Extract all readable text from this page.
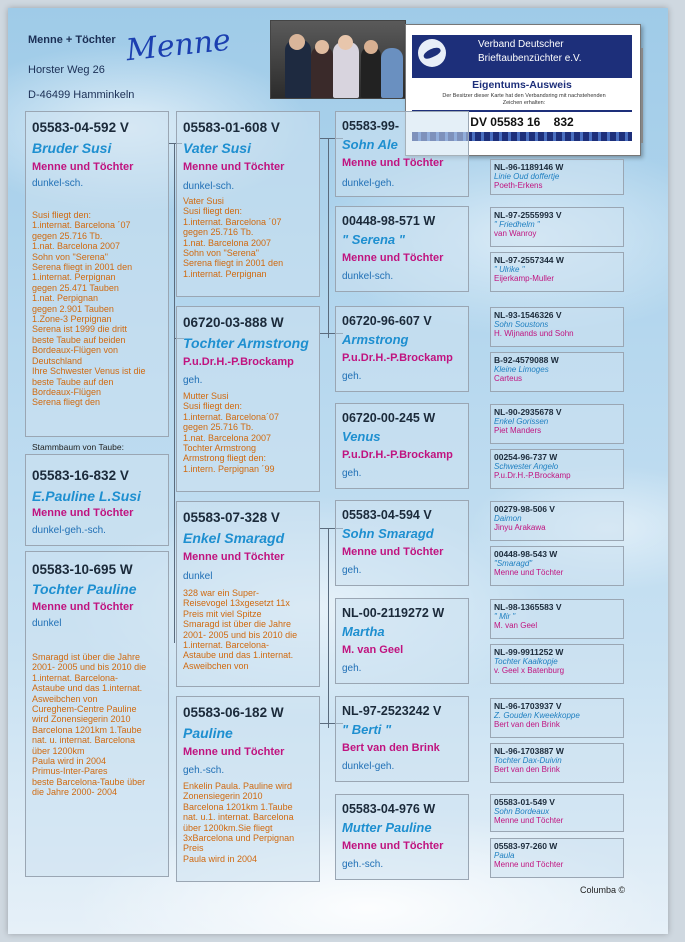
Menne + Töchter
Horster Weg 26
D-46499 Hamminkeln
Menne	Verband Deutscher
Brieftaubenzüchter e.V.
Eigentums-Ausweis
Der Besitzer dieser Karte hat den Verbandsring mit nachstehenden Zeichen erhalten:
DV 05583 16    832
05583-04-592 V
Bruder Susi
Menne und Töchter
dunkel-sch.
Susi fliegt den:
1.internat. Barcelona ´07
gegen 25.716 Tb.
1.nat. Barcelona 2007
Sohn von "Serena"
Serena fliegt in 2001 den
1.internat. Perpignan
gegen 25.471 Tauben
1.nat. Perpignan
gegen 2.901 Tauben
1.Zone-3 Perpignan
Serena ist 1999 die dritt
beste Taube auf beiden
Bordeaux-Flügen von
Deutschland
Ihre Schwester Venus ist die
beste Taube auf den
Bordeaux-Flügen
Serena fliegt den
Stammbaum von Taube:
05583-16-832 V
E.Pauline L.Susi
Menne und Töchter
dunkel-geh.-sch.
05583-10-695 W
Tochter Pauline
Menne und Töchter
dunkel
Smaragd ist über die Jahre
2001- 2005 und bis 2010 die
1.internat. Barcelona-
Astaube und das 1.internat.
Asweibchen von
Cureghem-Centre Pauline
wird Zonensiegerin 2010
Barcelona 1201km 1.Taube
nat. u. internat. Barcelona
über 1200km
Paula wird in 2004
Primus-Inter-Pares
beste Barcelona-Taube über
die Jahre 2000- 2004
05583-01-608 V
Vater Susi
Menne und Töchter
dunkel-sch.
Vater Susi
Susi fliegt den:
1.internat. Barcelona ´07
gegen 25.716 Tb.
1.nat. Barcelona 2007
Sohn von "Serena"
Serena fliegt in 2001 den
1.internat. Perpignan
06720-03-888 W
Tochter Armstrong
P.u.Dr.H.-P.Brockamp
geh.
Mutter Susi
Susi fliegt den:
1.internat. Barcelona´07
gegen 25.716 Tb.
1.nat. Barcelona 2007
Tochter Armstrong
Armstrong fliegt den:
1.intern. Perpignan ´99
05583-07-328 V
Enkel Smaragd
Menne und Töchter
dunkel
328 war ein Super-
Reisevogel 13xgesetzt 11x
Preis mit viel Spitze
Smaragd ist über die Jahre
2001- 2005 und bis 2010 die
1.internat. Barcelona-
Astaube und das 1.internat.
Asweibchen von
05583-06-182 W
Pauline
Menne und Töchter
geh.-sch.
Enkelin Paula. Pauline wird
Zonensiegerin 2010
Barcelona 1201km 1.Taube
nat. u.1. internat. Barcelona
über 1200km.Sie fliegt
3xBarcelona und Perpignan
Preis
Paula wird in 2004
05583-99-
Sohn Ale
Menne und Töchter
dunkel-geh.
00448-98-571 W
" Serena "
Menne und Töchter
dunkel-sch.
06720-96-607 V
Armstrong
P.u.Dr.H.-P.Brockamp
geh.
06720-00-245 W
Venus
P.u.Dr.H.-P.Brockamp
geh.
05583-04-594 V
Sohn Smaragd
Menne und Töchter
geh.
NL-00-2119272 W
Martha
M. van Geel
geh.
NL-97-2523242 V
" Berti "
Bert van den Brink
dunkel-geh.
05583-04-976 W
Mutter Pauline
Menne und Töchter
geh.-sch.
NL-96-1189146 W
Linie Oud doffertje
Poeth-Erkens
NL-97-2555993 V
" Friedhelm "
van Wanroy
NL-97-2557344 W
" Ulrike "
Eijerkamp-Muller
NL-93-1546326 V
Sohn Soustons
H. Wijnands und Sohn
B-92-4579088 W
Kleine Limoges
Carteus
NL-90-2935678 V
Enkel Gorissen
Piet Manders
00254-96-737 W
Schwester Angelo
P.u.Dr.H.-P.Brockamp
00279-98-506 V
Daimon
Jinyu Arakawa
00448-98-543 W
"Smaragd"
Menne und Töchter
NL-98-1365583 V
" Mir "
M. van Geel
NL-99-9911252 W
Tochter Kaalkopje
v. Geel x Batenburg
NL-96-1703937 V
Z. Gouden Kweekkoppe
Bert van den Brink
NL-96-1703887 W
Tochter Dax-Duivin
Bert van den Brink
05583-01-549 V
Sohn Bordeaux
Menne und Töchter
05583-97-260 W
Paula
Menne und Töchter
Columba ©
